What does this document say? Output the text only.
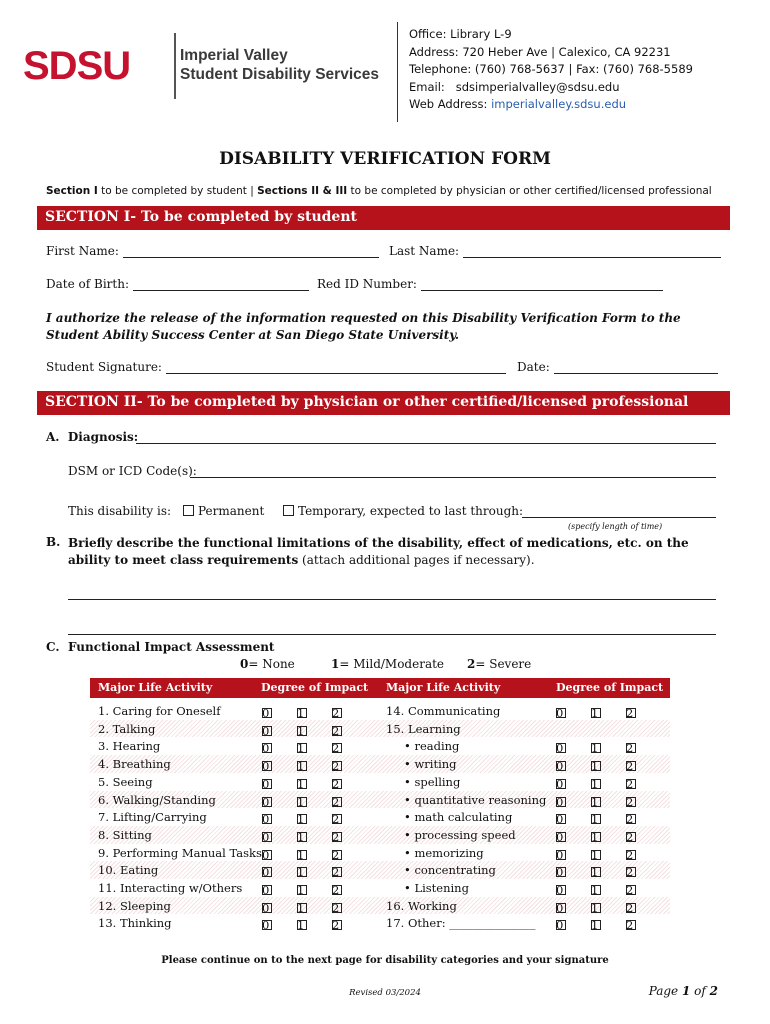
SDSU	Imperial Valley
Student Disability Services
Office: Library L-9
Address: 720 Heber Ave | Calexico, CA 92231
Telephone: (760) 768-5637 | Fax: (760) 768-5589
Email: sdsimperialvalley@sdsu.edu
Web Address: imperialvalley.sdsu.edu
DISABILITY VERIFICATION FORM
Section I to be completed by student | Sections II & III to be completed by physician or other certified/licensed professional
SECTION I- To be completed by student
First Name:	Last Name:
Date of Birth:	Red ID Number:
I authorize the release of the information requested on this Disability Verification Form to the Student Ability Success Center at San Diego State University.
Student Signature:	Date:
SECTION II- To be completed by physician or other certified/licensed professional
A. Diagnosis:
DSM or ICD Code(s):
This disability is:	Permanent	Temporary, expected to last through:
(specify length of time)
B. Briefly describe the functional limitations of the disability, effect of medications, etc. on the ability to meet class requirements (attach additional pages if necessary).
C. Functional Impact Assessment
0= None	1= Mild/Moderate 2= Severe
Major Life Activity	Degree of Impact Major Life Activity	Degree of Impact
1. Caring for Oneself	0 1 2	14. Communicating	0 1 2
2. Talking	0 1 2	15. Learning
3. Hearing	0 1 2	• reading	0 1 2
4. Breathing	0 1 2	• writing	0 1 2
5. Seeing	0 1 2	• spelling	0 1 2
6. Walking/Standing	0 1 2	• quantitative reasoning 0 1 2
7. Lifting/Carrying	0 1 2	• math calculating	0 1 2
8. Sitting	0 1 2	• processing speed	0 1 2
9. Performing Manual Tasks 0 1 2	• memorizing	0 1 2
10. Eating	0 1 2	• concentrating	0 1 2
11. Interacting w/Others 0 1 2	• Listening	0 1 2
12. Sleeping	0 1 2	16. Working	0 1 2
13. Thinking	0 1 2	17. Other: _______________ 0 1 2
Please continue on to the next page for disability categories and your signature
Revised 03/2024	Page 1 of 2
